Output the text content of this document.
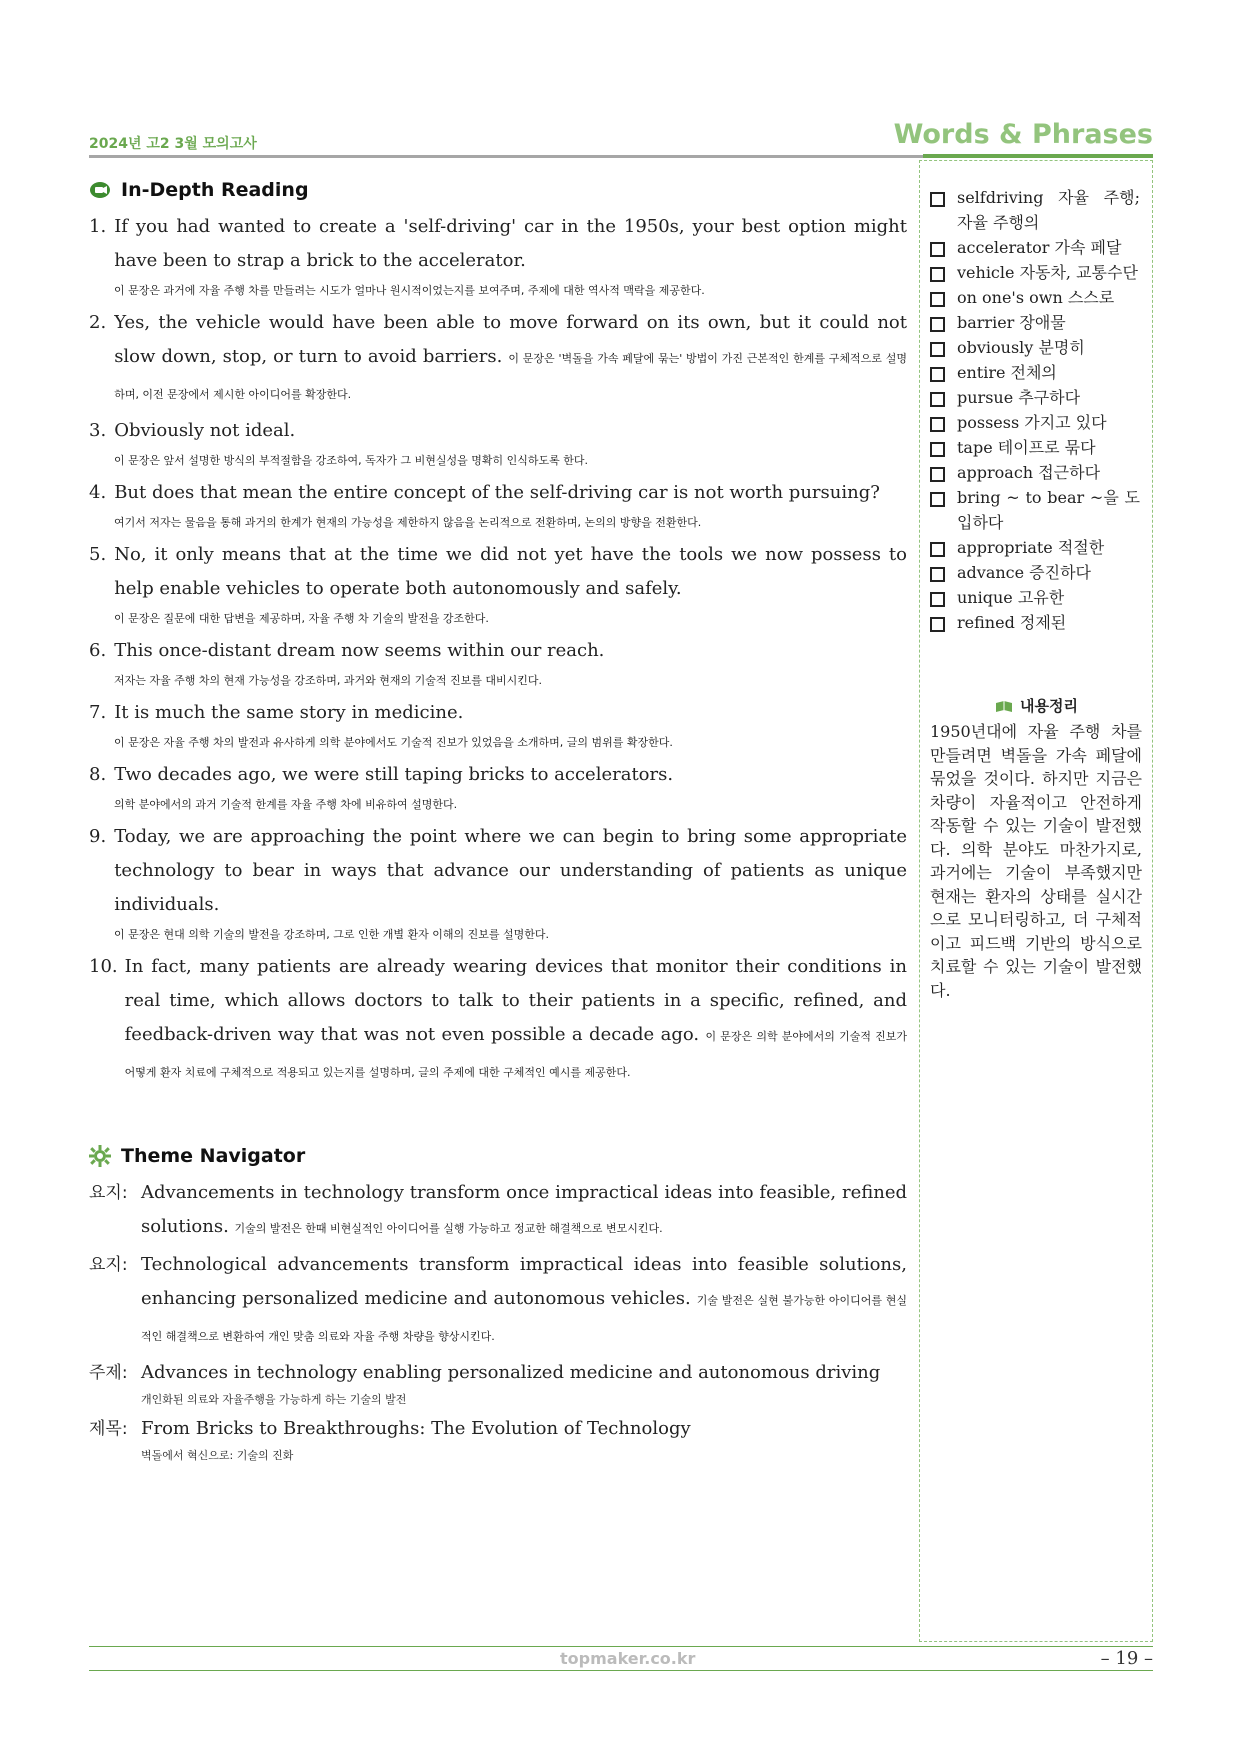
2024년 고2 3월 모의고사	Words & Phrases
In-Depth Reading
1. If you had wanted to create a 'self-driving' car in the 1950s, your best option might have been to strap a brick to the accelerator.
이 문장은 과거에 자율 주행 차를 만들려는 시도가 얼마나 원시적이었는지를 보여주며, 주제에 대한 역사적 맥락을 제공한다.
2. Yes, the vehicle would have been able to move forward on its own, but it could not slow down, stop, or turn to avoid barriers. 이 문장은 '벽돌을 가속 페달에 묶는' 방법이 가진 근본적인 한계를 구체적으로 설명하며, 이전 문장에서 제시한 아이디어를 확장한다.
3. Obviously not ideal.
이 문장은 앞서 설명한 방식의 부적절함을 강조하여, 독자가 그 비현실성을 명확히 인식하도록 한다.
4. But does that mean the entire concept of the self-driving car is not worth pursuing?
여기서 저자는 물음을 통해 과거의 한계가 현재의 가능성을 제한하지 않음을 논리적으로 전환하며, 논의의 방향을 전환한다.
5. No, it only means that at the time we did not yet have the tools we now possess to help enable vehicles to operate both autonomously and safely.
이 문장은 질문에 대한 답변을 제공하며, 자율 주행 차 기술의 발전을 강조한다.
6. This once-distant dream now seems within our reach.
저자는 자율 주행 차의 현재 가능성을 강조하며, 과거와 현재의 기술적 진보를 대비시킨다.
7. It is much the same story in medicine.
이 문장은 자율 주행 차의 발전과 유사하게 의학 분야에서도 기술적 진보가 있었음을 소개하며, 글의 범위를 확장한다.
8. Two decades ago, we were still taping bricks to accelerators.
의학 분야에서의 과거 기술적 한계를 자율 주행 차에 비유하여 설명한다.
9. Today, we are approaching the point where we can begin to bring some appropriate technology to bear in ways that advance our understanding of patients as unique individuals.
이 문장은 현대 의학 기술의 발전을 강조하며, 그로 인한 개별 환자 이해의 진보를 설명한다.
10. In fact, many patients are already wearing devices that monitor their conditions in real time, which allows doctors to talk to their patients in a specific, refined, and feedback-driven way that was not even possible a decade ago. 이 문장은 의학 분야에서의 기술적 진보가 어떻게 환자 치료에 구체적으로 적용되고 있는지를 설명하며, 글의 주제에 대한 구체적인 예시를 제공한다.
Theme Navigator
요지: Advancements in technology transform once impractical ideas into feasible, refined solutions. 기술의 발전은 한때 비현실적인 아이디어를 실행 가능하고 정교한 해결책으로 변모시킨다.
요지: Technological advancements transform impractical ideas into feasible solutions, enhancing personalized medicine and autonomous vehicles. 기술 발전은 실현 불가능한 아이디어를 현실적인 해결책으로 변환하여 개인 맞춤 의료와 자율 주행 차량을 향상시킨다.
주제: Advances in technology enabling personalized medicine and autonomous driving
개인화된 의료와 자율주행을 가능하게 하는 기술의 발전
제목: From Bricks to Breakthroughs: The Evolution of Technology
벽돌에서 혁신으로: 기술의 진화
selfdriving 자율 주행; 자율 주행의
accelerator 가속 페달
vehicle 자동차, 교통수단
on one's own 스스로
barrier 장애물
obviously 분명히
entire 전체의
pursue 추구하다
possess 가지고 있다
tape 테이프로 묶다
approach 접근하다
bring ~ to bear ~을 도입하다
appropriate 적절한
advance 증진하다
unique 고유한
refined 정제된
내용정리
1950년대에 자율 주행 차를 만들려면 벽돌을 가속 페달에 묶었을 것이다. 하지만 지금은 차량이 자율적이고 안전하게 작동할 수 있는 기술이 발전했다. 의학 분야도 마찬가지로, 과거에는 기술이 부족했지만 현재는 환자의 상태를 실시간으로 모니터링하고, 더 구체적이고 피드백 기반의 방식으로 치료할 수 있는 기술이 발전했다.
topmaker.co.kr	– 19 –
